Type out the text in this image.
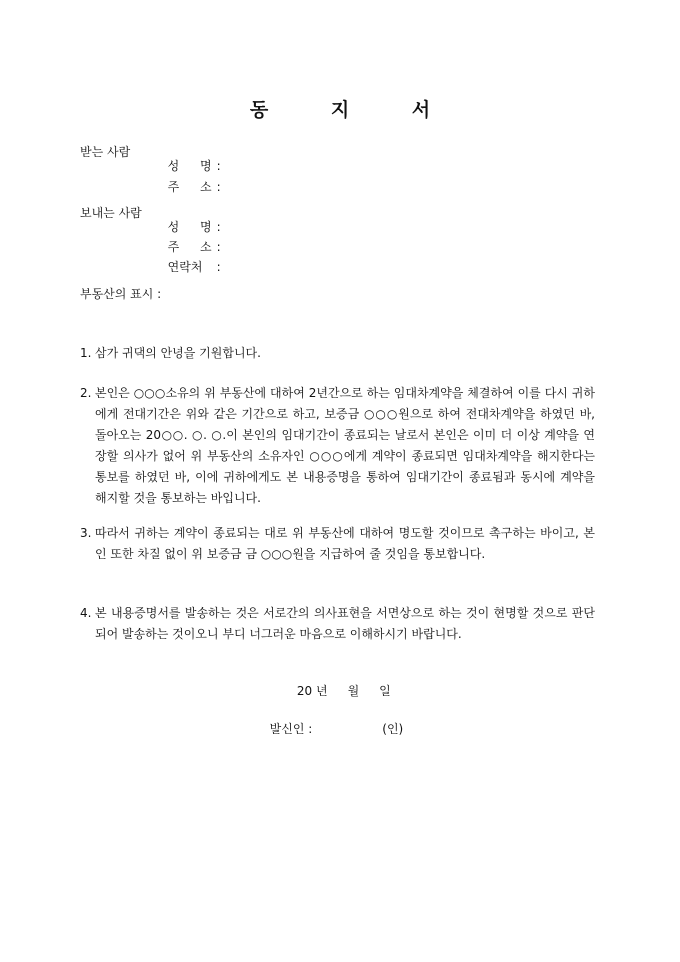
동 지 서
받는 사람

성 명 :

주 소 :

보내는 사람

성 명 :

주 소 :

연락처 :

부동산의 표시 :
1. 삼가 귀댁의 안녕을 기원합니다.
2. 본인은 ○○○소유의 위 부동산에 대하여 2년간으로 하는 임대차계약을 체결하여 이를 다시 귀하에게 전대기간은 위와 같은 기간으로 하고, 보증금 ○○○원으로 하여 전대차계약을 하였던 바, 돌아오는 20○○. ○. ○.이 본인의 임대기간이 종료되는 날로서 본인은 이미 더 이상 계약을 연장할 의사가 없어 위 부동산의 소유자인 ○○○에게 계약이 종료되면 임대차계약을 해지한다는 통보를 하였던 바, 이에 귀하에게도 본 내용증명을 통하여 임대기간이 종료됨과 동시에 계약을 해지할 것을 통보하는 바입니다.
3. 따라서 귀하는 계약이 종료되는 대로 위 부동산에 대하여 명도할 것이므로 촉구하는 바이고, 본인 또한 차질 없이 위 보증금 금 ○○○원을 지급하여 줄 것임을 통보합니다.
4. 본 내용증명서를 발송하는 것은 서로간의 의사표현을 서면상으로 하는 것이 현명할 것으로 판단되어 발송하는 것이오니 부디 너그러운 마음으로 이해하시기 바랍니다.

20 년 월 일

발신인 :	(인)
